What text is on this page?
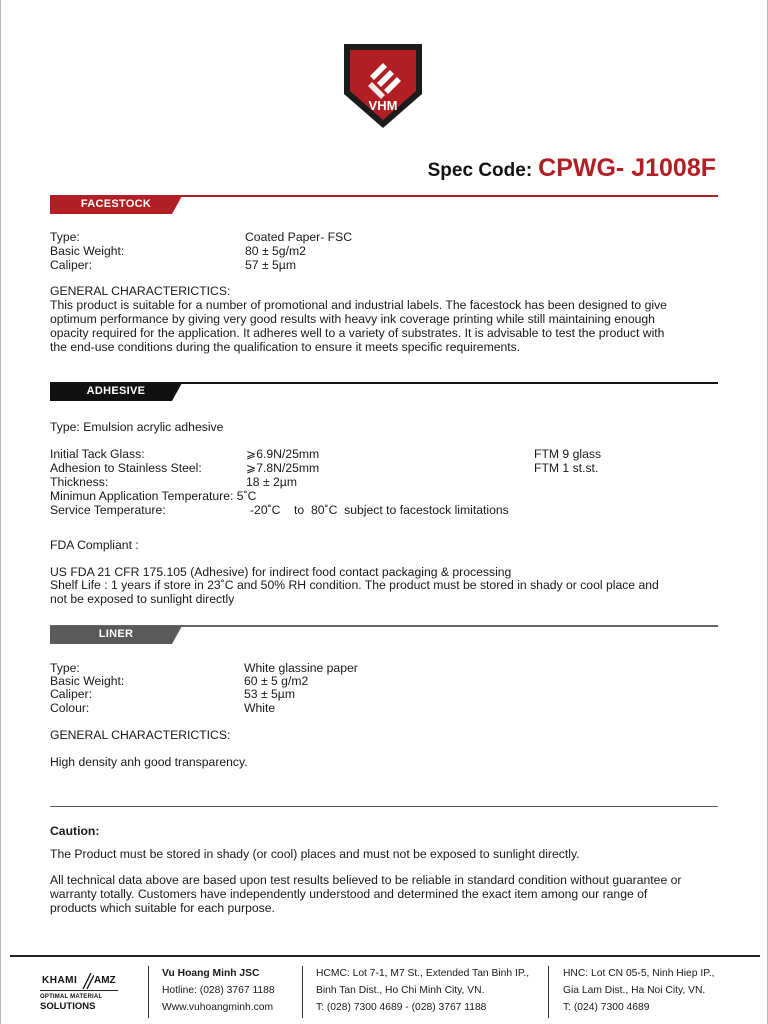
VHM
Spec Code: CPWG- J1008F
FACESTOCK
Type:	Coated Paper- FSC
Basic Weight:	80 ± 5g/m2
Caliper:	57 ± 5µm
GENERAL CHARACTERICTICS:
This product is suitable for a number of promotional and industrial labels. The facestock has been designed to give
optimum performance by giving very good results with heavy ink coverage printing while still maintaining enough
opacity required for the application. It adheres well to a variety of substrates. It is advisable to test the product with
the end-use conditions during the qualification to ensure it meets specific requirements.
ADHESIVE
Type: Emulsion acrylic adhesive
Initial Tack Glass:	⩾6.9N/25mm	FTM 9 glass
Adhesion to Stainless Steel:	⩾7.8N/25mm	FTM 1 st.st.
Thickness:	18 ± 2µm
Minimun Application Temperature: 5˚C
Service Temperature:	-20˚C    to  80˚C  subject to facestock limitations
FDA Compliant :
US FDA 21 CFR 175.105 (Adhesive) for indirect food contact packaging & processing
Shelf Life : 1 years if store in 23˚C and 50% RH condition. The product must be stored in shady or cool place and
not be exposed to sunlight directly
LINER
Type:	White glassine paper
Basic Weight:	60 ± 5 g/m2
Caliper:	53 ± 5µm
Colour:	White
GENERAL CHARACTERICTICS:
High density anh good transparency.
Caution:
The Product must be stored in shady (or cool) places and must not be exposed to sunlight directly.
All technical data above are based upon test results believed to be reliable in standard condition without guarantee or
warranty totally. Customers have independently understood and determined the exact item among our range of
products which suitable for each purpose.
KHAMI AMZ
OPTIMAL MATERIAL
SOLUTIONS
Vu Hoang Minh JSC
Hotline: (028) 3767 1188
Www.vuhoangminh.com
HCMC: Lot 7-1, M7 St., Extended Tan Binh IP.,
Binh Tan Dist., Ho Chi Minh City, VN.
T: (028) 7300 4689 - (028) 3767 1188
HNC: Lot CN 05-5, Ninh Hiep IP.,
Gia Lam Dist., Ha Noi City, VN.
T: (024) 7300 4689
